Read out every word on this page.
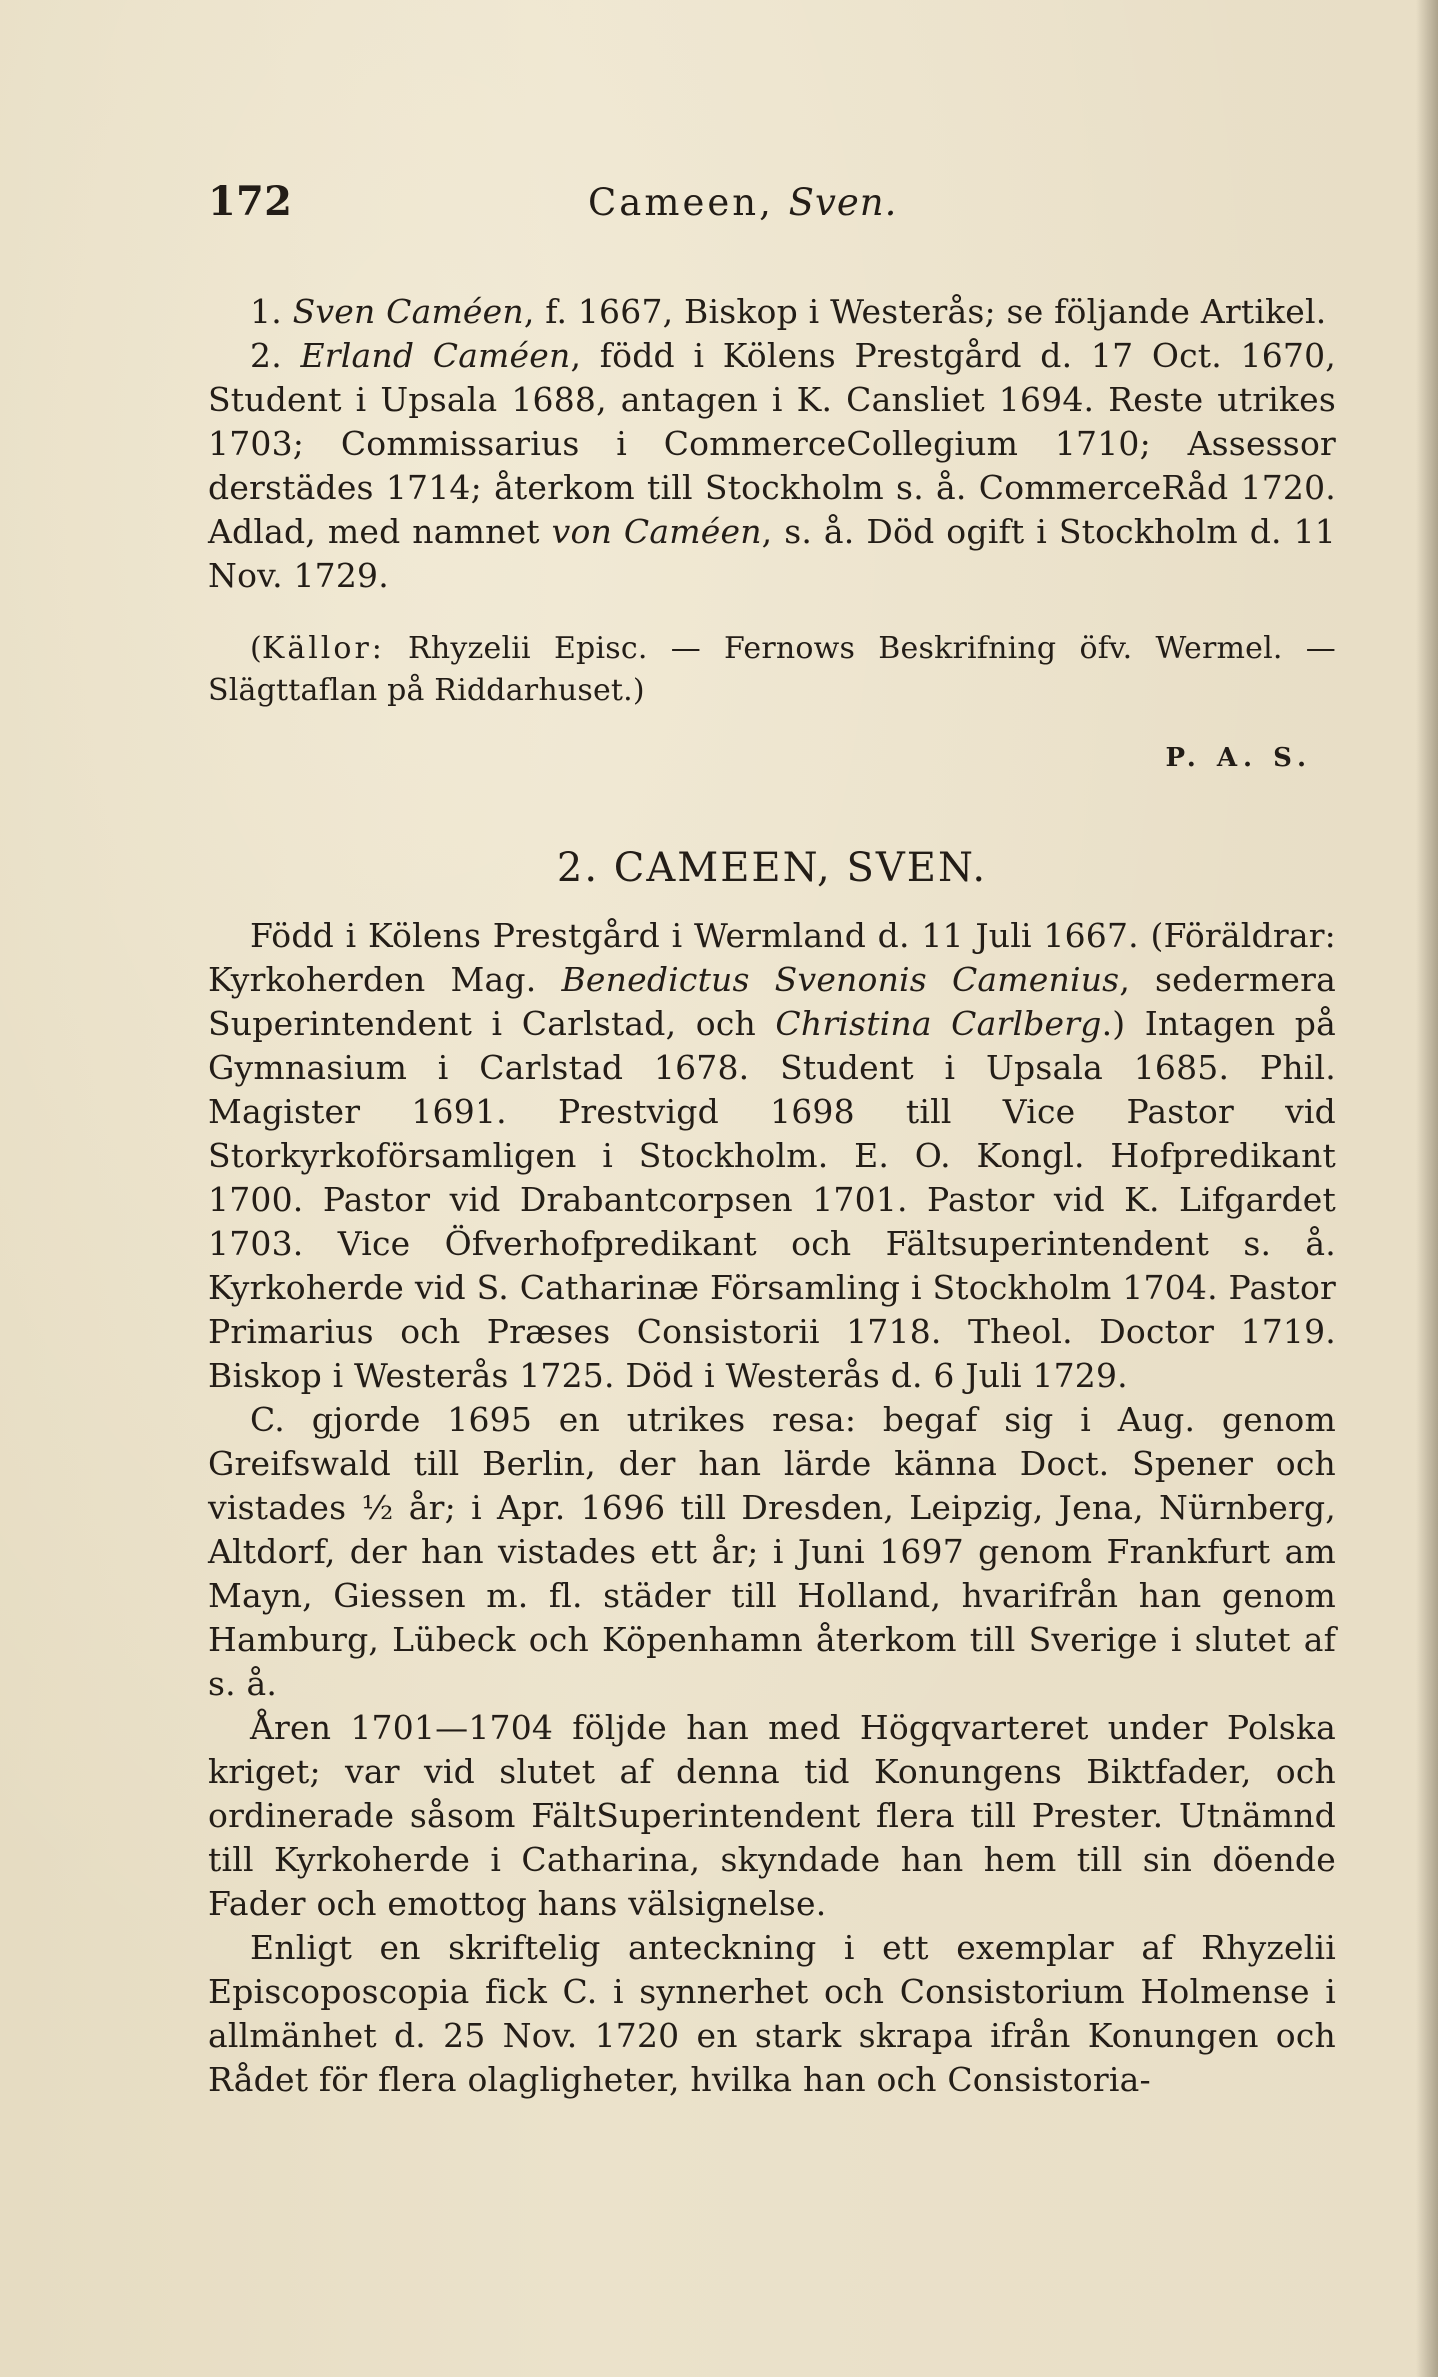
172	Cameen, Sven.

1. Sven Caméen, f. 1667, Biskop i Westerås; se följande Artikel.

2. Erland Caméen, född i Kölens Prestgård d. 17 Oct. 1670, Student i Upsala 1688, antagen i K. Cansliet 1694. Reste utrikes 1703; Commissarius i CommerceCollegium 1710; Assessor derstädes 1714; återkom till Stockholm s. å. CommerceRåd 1720. Adlad, med namnet von Caméen, s. å. Död ogift i Stockholm d. 11 Nov. 1729.

(Källor: Rhyzelii Episc. — Fernows Beskrifning öfv. Wermel. — Slägttaflan på Riddarhuset.)

P. A. S.
2. CAMEEN, SVEN.

Född i Kölens Prestgård i Wermland d. 11 Juli 1667. (Föräldrar: Kyrkoherden Mag. Benedictus Svenonis Camenius, sedermera Superintendent i Carlstad, och Christina Carlberg.) Intagen på Gymnasium i Carlstad 1678. Student i Upsala 1685. Phil. Magister 1691. Prestvigd 1698 till Vice Pastor vid Storkyrkoförsamligen i Stockholm. E. O. Kongl. Hofpredikant 1700. Pastor vid Drabantcorpsen 1701. Pastor vid K. Lifgardet 1703. Vice Öfverhofpredikant och Fältsuperintendent s. å. Kyrkoherde vid S. Catharinæ Församling i Stockholm 1704. Pastor Primarius och Præses Consistorii 1718. Theol. Doctor 1719. Biskop i Westerås 1725. Död i Westerås d. 6 Juli 1729.

C. gjorde 1695 en utrikes resa: begaf sig i Aug. genom Greifswald till Berlin, der han lärde känna Doct. Spener och vistades ½ år; i Apr. 1696 till Dresden, Leipzig, Jena, Nürnberg, Altdorf, der han vistades ett år; i Juni 1697 genom Frankfurt am Mayn, Giessen m. fl. städer till Holland, hvarifrån han genom Hamburg, Lübeck och Köpenhamn återkom till Sverige i slutet af s. å.

Åren 1701—1704 följde han med Högqvarteret under Polska kriget; var vid slutet af denna tid Konungens Biktfader, och ordinerade såsom FältSuperintendent flera till Prester. Utnämnd till Kyrkoherde i Catharina, skyndade han hem till sin döende Fader och emottog hans välsignelse.

Enligt en skriftelig anteckning i ett exemplar af Rhyzelii Episcoposcopia fick C. i synnerhet och Consistorium Holmense i allmänhet d. 25 Nov. 1720 en stark skrapa ifrån Konungen och Rådet för flera olagligheter, hvilka han och Consistoria-
